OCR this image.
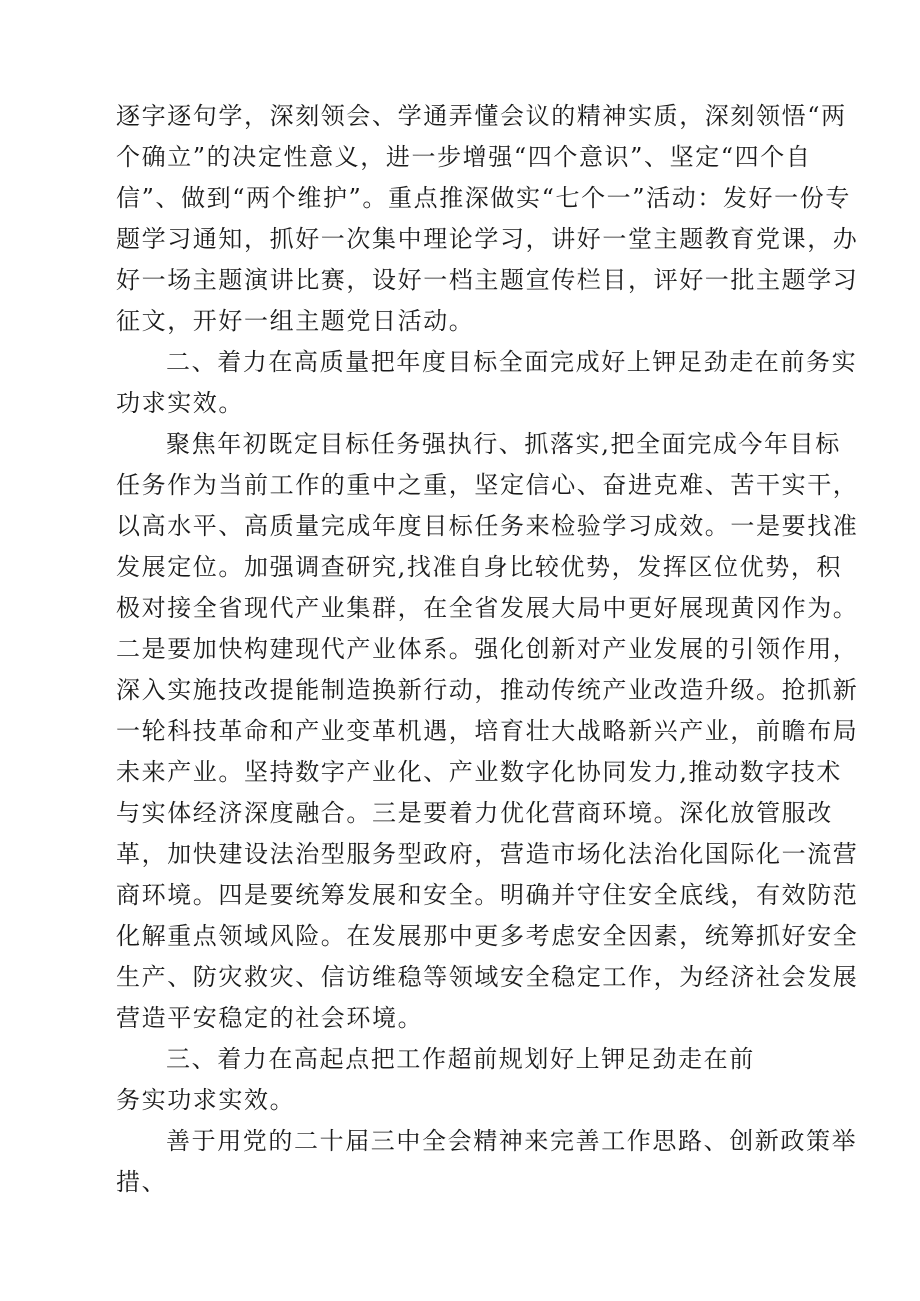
逐字逐句学，深刻领会、学通弄懂会议的精神实质，深刻领悟“两个确立”的决定性意义，进一步增强“四个意识”、坚定“四个自信”、做到“两个维护”。重点推深做实“七个一”活动：发好一份专题学习通知，抓好一次集中理论学习，讲好一堂主题教育党课，办好一场主题演讲比赛，设好一档主题宣传栏目，评好一批主题学习征文，开好一组主题党日活动。

二、着力在高质量把年度目标全面完成好上钾足劲走在前务实功求实效。

聚焦年初既定目标任务强执行、抓落实,把全面完成今年目标任务作为当前工作的重中之重，坚定信心、奋进克难、苦干实干，以高水平、高质量完成年度目标任务来检验学习成效。一是要找准发展定位。加强调查研究,找准自身比较优势，发挥区位优势，积极对接全省现代产业集群，在全省发展大局中更好展现黄冈作为。二是要加快构建现代产业体系。强化创新对产业发展的引领作用，深入实施技改提能制造换新行动，推动传统产业改造升级。抢抓新一轮科技革命和产业变革机遇，培育壮大战略新兴产业，前瞻布局未来产业。坚持数字产业化、产业数字化协同发力,推动数字技术与实体经济深度融合。三是要着力优化营商环境。深化放管服改革，加快建设法治型服务型政府，营造市场化法治化国际化一流营商环境。四是要统筹发展和安全。明确并守住安全底线，有效防范化解重点领域风险。在发展那中更多考虑安全因素，统筹抓好安全生产、防灾救灾、信访维稳等领域安全稳定工作，为经济社会发展营造平安稳定的社会环境。

三、着力在高起点把工作超前规划好上钾足劲走在前务实功求实效。

善于用党的二十届三中全会精神来完善工作思路、创新政策举措、
